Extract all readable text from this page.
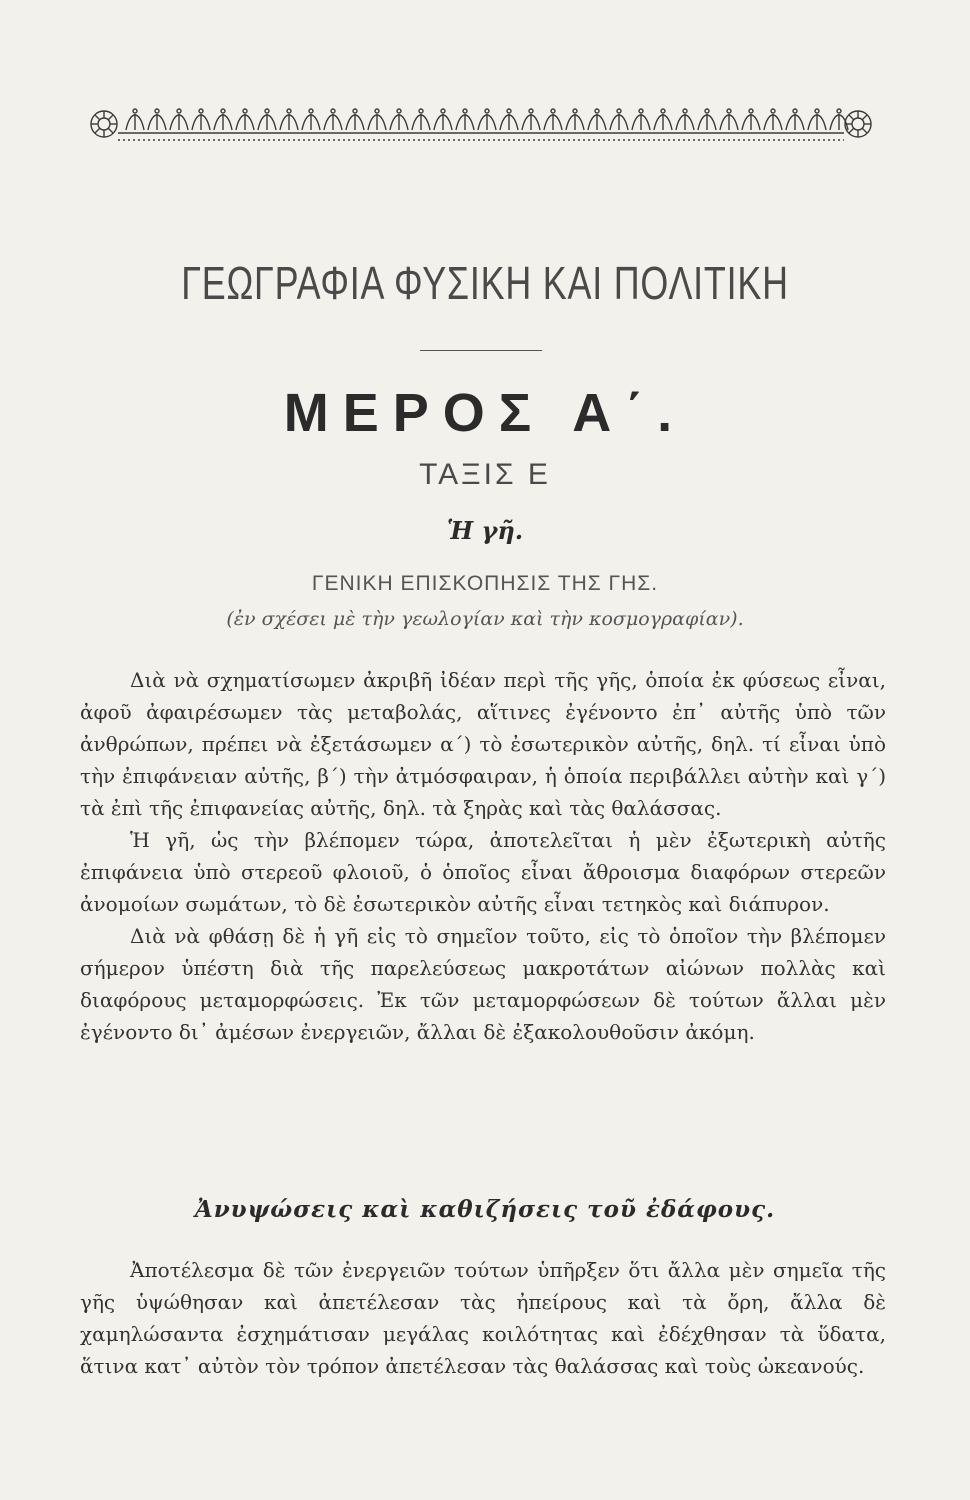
ΓΕΩΓΡΑΦΙΑ ΦΥΣΙΚΗ ΚΑΙ ΠΟΛΙΤΙΚΗ
ΜΕΡΟΣ Α΄.
ΤΑΞΙΣ Ε
Ἡ γῆ.
ΓΕΝΙΚΗ ΕΠΙΣΚΟΠΗΣΙΣ ΤΗΣ ΓΗΣ.
(ἐν σχέσει μὲ τὴν γεωλογίαν καὶ τὴν κοσμογραφίαν).

Διὰ νὰ σχηματίσωμεν ἀκριβῆ ἰδέαν περὶ τῆς γῆς, ὁποία ἐκ φύσεως εἶναι, ἀφοῦ ἀφαιρέσωμεν τὰς μεταβολάς, αἵτινες ἐγένοντο ἐπ᾽ αὐτῆς ὑπὸ τῶν ἀνθρώπων, πρέπει νὰ ἐξετάσωμεν α΄) τὸ ἐσωτερικὸν αὐτῆς, δηλ. τί εἶναι ὑπὸ τὴν ἐπιφάνειαν αὐτῆς, β΄) τὴν ἀτμόσφαιραν, ἡ ὁποία περιβάλλει αὐτὴν καὶ γ΄) τὰ ἐπὶ τῆς ἐπιφανείας αὐτῆς, δηλ. τὰ ξηρὰς καὶ τὰς θαλάσσας.

Ἡ γῆ, ὡς τὴν βλέπομεν τώρα, ἀποτελεῖται ἡ μὲν ἐξωτερικὴ αὐτῆς ἐπιφάνεια ὑπὸ στερεοῦ φλοιοῦ, ὁ ὁποῖος εἶναι ἄθροισμα διαφόρων στερεῶν ἀνομοίων σωμάτων, τὸ δὲ ἐσωτερικὸν αὐτῆς εἶναι τετηκὸς καὶ διάπυρον.

Διὰ νὰ φθάσῃ δὲ ἡ γῆ εἰς τὸ σημεῖον τοῦτο, εἰς τὸ ὁποῖον τὴν βλέπομεν σήμερον ὑπέστη διὰ τῆς παρελεύσεως μακροτάτων αἰώνων πολλὰς καὶ διαφόρους μεταμορφώσεις. Ἐκ τῶν μεταμορφώσεων δὲ τούτων ἄλλαι μὲν ἐγένοντο δι᾽ ἀμέσων ἐνεργειῶν, ἄλλαι δὲ ἐξακολουθοῦσιν ἀκόμη.

Ἀνυψώσεις καὶ καθιζήσεις τοῦ ἐδάφους.

Ἀποτέλεσμα δὲ τῶν ἐνεργειῶν τούτων ὑπῆρξεν ὅτι ἄλλα μὲν σημεῖα τῆς γῆς ὑψώθησαν καὶ ἀπετέλεσαν τὰς ἠπείρους καὶ τὰ ὄρη, ἄλλα δὲ χαμηλώσαντα ἐσχημάτισαν μεγάλας κοιλότητας καὶ ἐδέχθησαν τὰ ὕδατα, ἅτινα κατ᾽ αὐτὸν τὸν τρόπον ἀπετέλεσαν τὰς θαλάσσας καὶ τοὺς ὠκεανούς.
